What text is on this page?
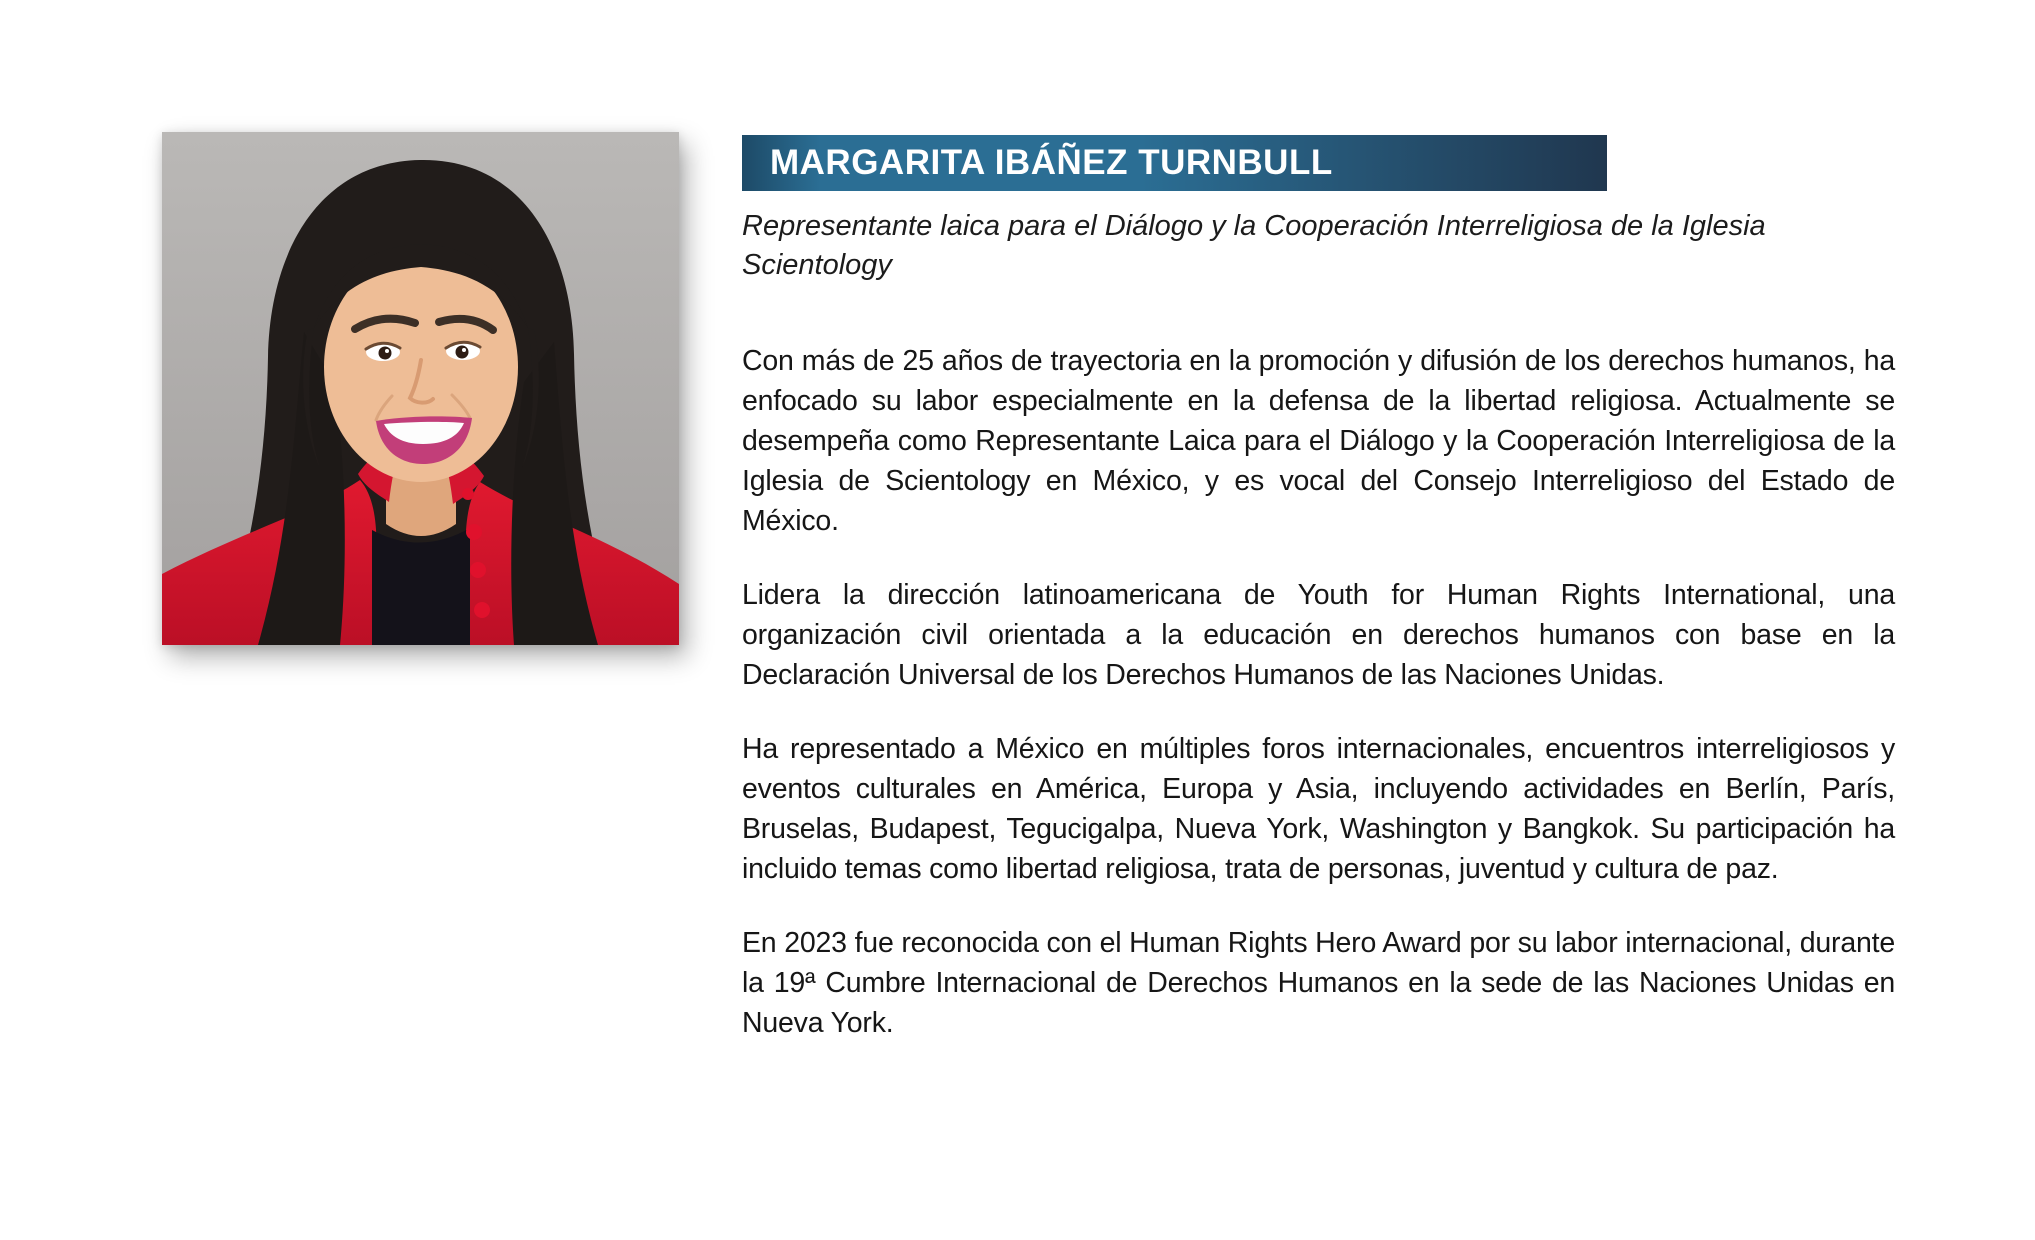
MARGARITA IBÁÑEZ TURNBULL
Representante laica para el Diálogo y la Cooperación Interreligiosa de la Iglesia Scientology

Con más de 25 años de trayectoria en la promoción y difusión de los derechos humanos, ha enfocado su labor especialmente en la defensa de la libertad religiosa. Actualmente se desempeña como Representante Laica para el Diálogo y la Cooperación Interreligiosa de la Iglesia de Scientology en México, y es vocal del Consejo Interreligioso del Estado de México.

Lidera la dirección latinoamericana de Youth for Human Rights International, una organización civil orientada a la educación en derechos humanos con base en la Declaración Universal de los Derechos Humanos de las Naciones Unidas.

Ha representado a México en múltiples foros internacionales, encuentros interreligiosos y eventos culturales en América, Europa y Asia, incluyendo actividades en Berlín, París, Bruselas, Budapest, Tegucigalpa, Nueva York, Washington y Bangkok. Su participación ha incluido temas como libertad religiosa, trata de personas, juventud y cultura de paz.

En 2023 fue reconocida con el Human Rights Hero Award por su labor internacional, durante la 19ª Cumbre Internacional de Derechos Humanos en la sede de las Naciones Unidas en Nueva York.
